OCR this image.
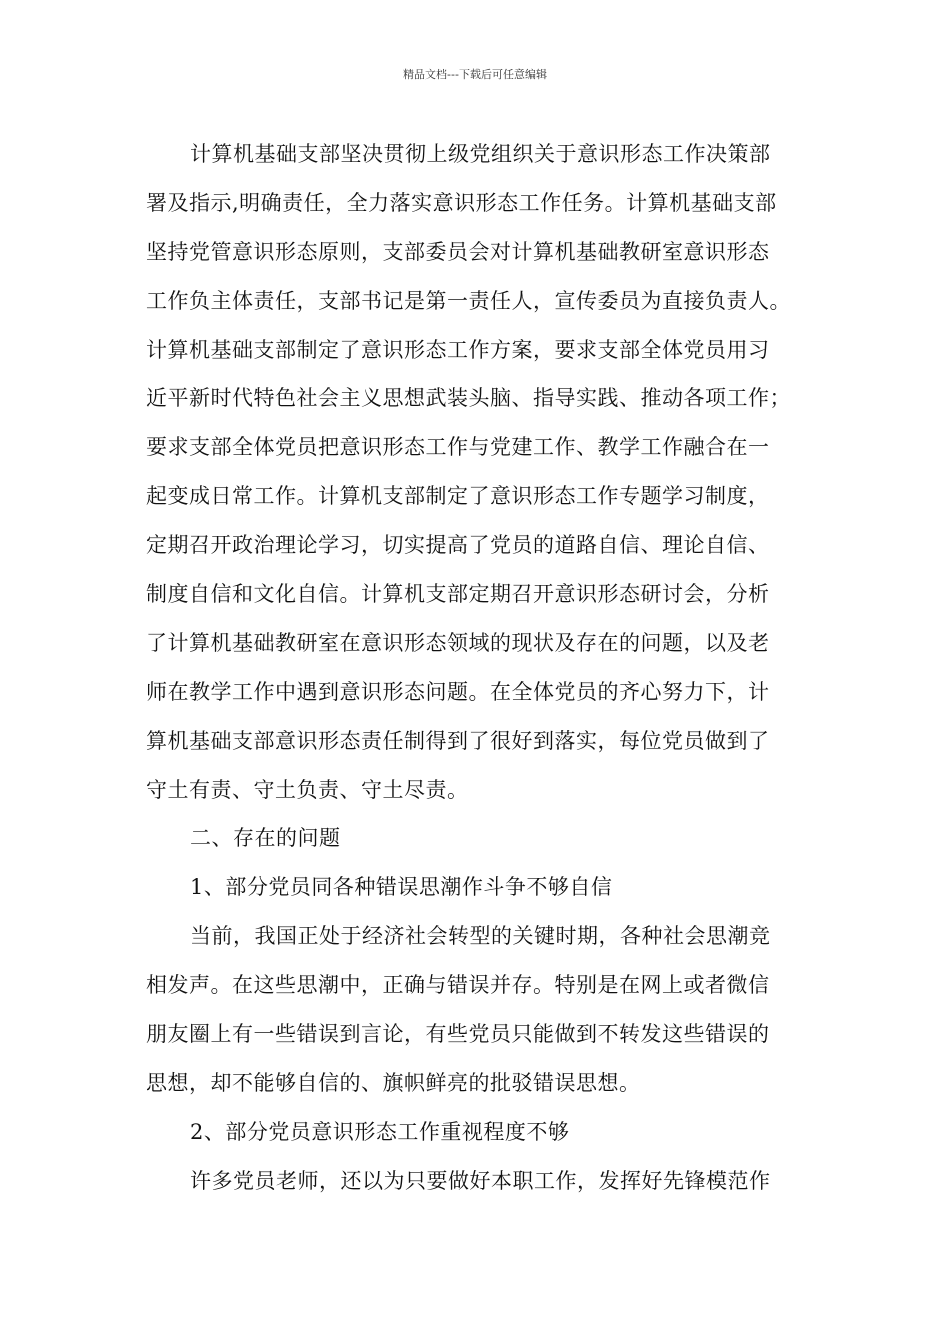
精品文档---下载后可任意编辑
计算机基础支部坚决贯彻上级党组织关于意识形态工作决策部
署及指示,明确责任，全力落实意识形态工作任务。计算机基础支部
坚持党管意识形态原则，支部委员会对计算机基础教研室意识形态
工作负主体责任，支部书记是第一责任人，宣传委员为直接负责人。
计算机基础支部制定了意识形态工作方案，要求支部全体党员用习
近平新时代特色社会主义思想武装头脑、指导实践、推动各项工作；
要求支部全体党员把意识形态工作与党建工作、教学工作融合在一
起变成日常工作。计算机支部制定了意识形态工作专题学习制度，
定期召开政治理论学习，切实提高了党员的道路自信、理论自信、
制度自信和文化自信。计算机支部定期召开意识形态研讨会，分析
了计算机基础教研室在意识形态领域的现状及存在的问题，以及老
师在教学工作中遇到意识形态问题。在全体党员的齐心努力下，计
算机基础支部意识形态责任制得到了很好到落实，每位党员做到了
守土有责、守土负责、守土尽责。
二、存在的问题
1、部分党员同各种错误思潮作斗争不够自信
当前，我国正处于经济社会转型的关键时期，各种社会思潮竞
相发声。在这些思潮中，正确与错误并存。特别是在网上或者微信
朋友圈上有一些错误到言论，有些党员只能做到不转发这些错误的
思想，却不能够自信的、旗帜鲜亮的批驳错误思想。
2、部分党员意识形态工作重视程度不够
许多党员老师，还以为只要做好本职工作，发挥好先锋模范作
